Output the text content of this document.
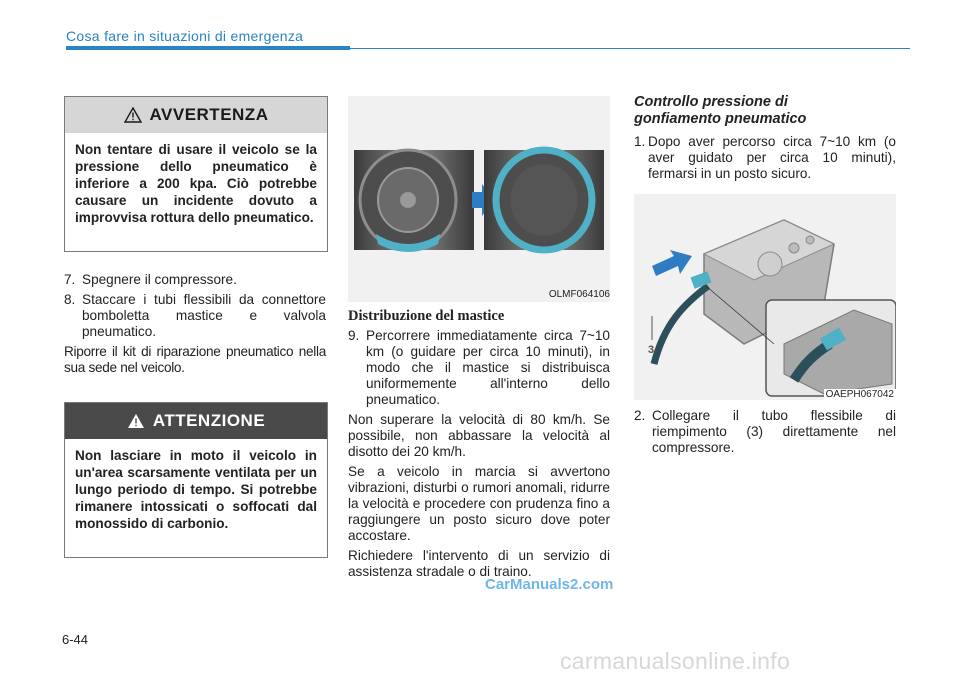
Cosa fare in situazioni di emergenza
AVVERTENZA
Non tentare di usare il veicolo se la pressione dello pneumatico è inferiore a 200 kpa. Ciò potrebbe causare un incidente dovuto a improvvisa rottura dello pneumatico.
7. Spegnere il compressore.
8. Staccare i tubi flessibili da connettore bomboletta mastice e valvola pneumatico.

Riporre il kit di riparazione pneumatico nella sua sede nel veicolo.

ATTENZIONE
Non lasciare in moto il veicolo in un'area scarsamente ventilata per un lungo periodo di tempo. Si potrebbe rimanere intossicati o soffocati dal monossido di carbonio.
OLMF064106
Distribuzione del mastice
9. Percorrere immediatamente circa 7~10 km (o guidare per circa 10 minuti), in modo che il mastice si distribuisca uniformemente all'interno dello pneumatico.

Non superare la velocità di 80 km/h. Se possibile, non abbassare la velocità al disotto dei 20 km/h.

Se a veicolo in marcia si avvertono vibrazioni, disturbi o rumori anomali, ridurre la velocità e procedere con prudenza fino a raggiungere un posto sicuro dove poter accostare.

Richiedere l'intervento di un servizio di assistenza stradale o di traino.

Controllo pressione di gonfiamento pneumatico
1. Dopo aver percorso circa 7~10 km (o aver guidato per circa 10 minuti), fermarsi in un posto sicuro.
3
OAEPH067042
2. Collegare il tubo flessibile di riempimento (3) direttamente nel compressore.
6-44
CarManuals2.com
carmanualsonline.info
